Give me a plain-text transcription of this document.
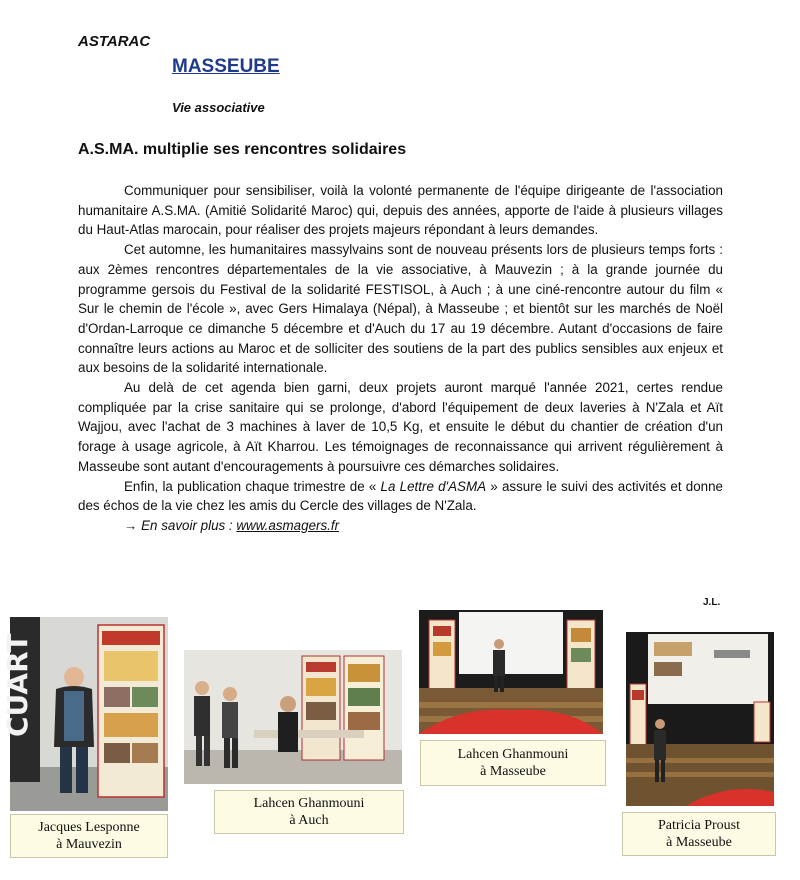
ASTARAC
MASSEUBE
Vie associative
A.S.MA. multiplie ses rencontres solidaires

Communiquer pour sensibiliser, voilà la volonté permanente de l'équipe dirigeante de l'association humanitaire A.S.MA. (Amitié Solidarité Maroc) qui, depuis des années, apporte de l'aide à plusieurs villages du Haut-Atlas marocain, pour réaliser des projets majeurs répondant à leurs demandes.

Cet automne, les humanitaires massylvains sont de nouveau présents lors de plusieurs temps forts : aux 2èmes rencontres départementales de la vie associative, à Mauvezin ; à la grande journée du programme gersois du Festival de la solidarité FESTISOL, à Auch ; à une ciné-rencontre autour du film « Sur le chemin de l'école », avec Gers Himalaya (Népal), à Masseube ; et bientôt sur les marchés de Noël d'Ordan-Larroque ce dimanche 5 décembre et d'Auch du 17 au 19 décembre. Autant d'occasions de faire connaître leurs actions au Maroc et de solliciter des soutiens de la part des publics sensibles aux enjeux et aux besoins de la solidarité internationale.

Au delà de cet agenda bien garni, deux projets auront marqué l'année 2021, certes rendue compliquée par la crise sanitaire qui se prolonge, d'abord l'équipement de deux laveries à N'Zala et Aït Wajjou, avec l'achat de 3 machines à laver de 10,5 Kg, et ensuite le début du chantier de création d'un forage à usage agricole, à Aït Kharrou. Les témoignages de reconnaissance qui arrivent régulièrement à Masseube sont autant d'encouragements à poursuivre ces démarches solidaires.

Enfin, la publication chaque trimestre de « La Lettre d'ASMA » assure le suivi des activités et donne des échos de la vie chez les amis du Cercle des villages de N'Zala.

→ En savoir plus : www.asmagers.fr

J.L.
CUART
Jacques Lesponne
à Mauvezin
Lahcen Ghanmouni
à Auch
Lahcen Ghanmouni
à Masseube
Patricia Proust
à Masseube
